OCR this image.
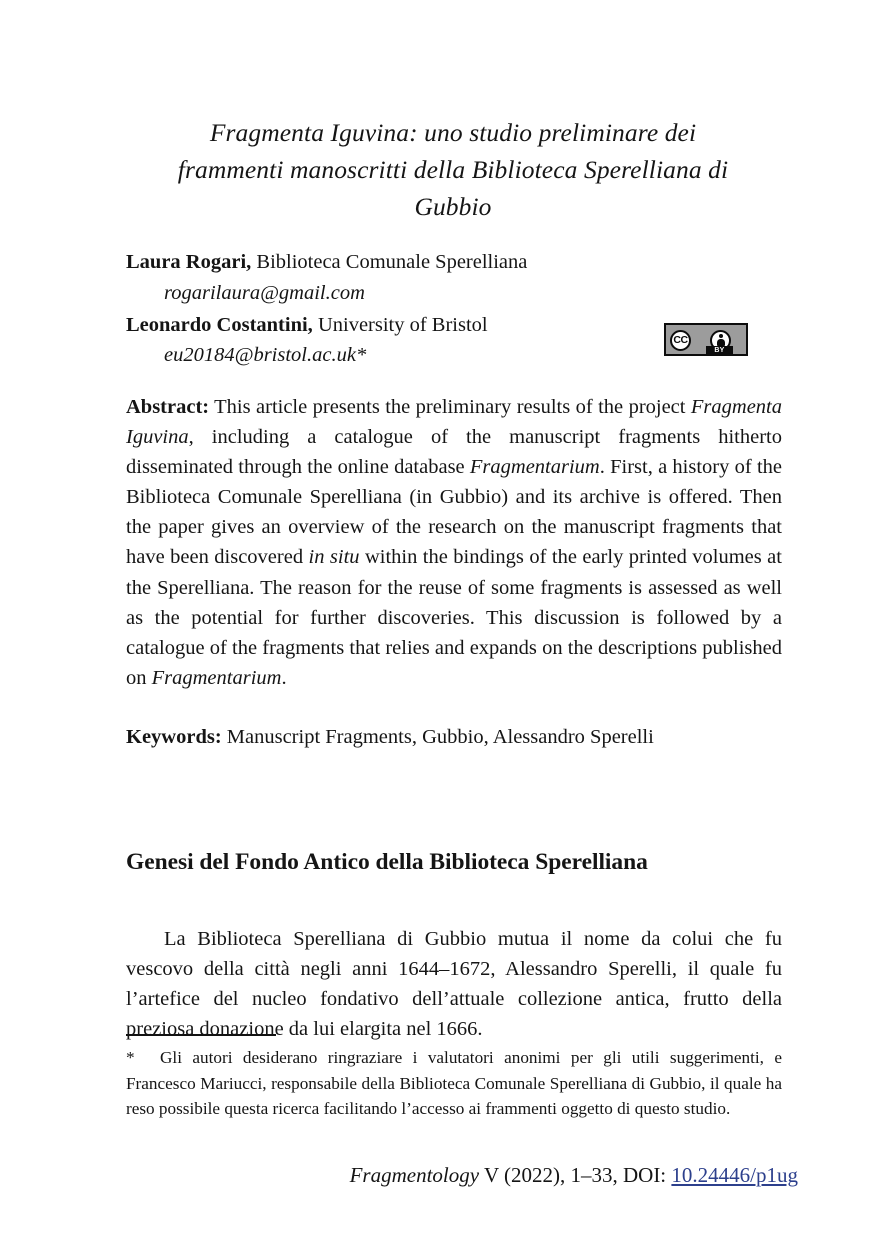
Fragmenta Iguvina: uno studio preliminare dei
frammenti manoscritti della Biblioteca Sperelliana di
Gubbio
Laura Rogari, Biblioteca Comunale Sperelliana
rogarilaura@gmail.com
Leonardo Costantini, University of Bristol
eu20184@bristol.ac.uk*
CC
BY
Abstract: This article presents the preliminary results of the project Fragmenta Iguvina, including a catalogue of the manuscript fragments hitherto disseminated through the online database Fragmentarium. First, a history of the Biblioteca Comunale Sperelliana (in Gubbio) and its archive is offered. Then the paper gives an overview of the research on the manuscript fragments that have been discovered in situ within the bindings of the early printed volumes at the Sperelliana. The reason for the reuse of some fragments is assessed as well as the potential for further discoveries. This discussion is followed by a catalogue of the fragments that relies and expands on the descriptions published on Fragmentarium.
Keywords: Manuscript Fragments, Gubbio, Alessandro Sperelli
Genesi del Fondo Antico della Biblioteca Sperelliana

La Biblioteca Sperelliana di Gubbio mutua il nome da colui che fu vescovo della città negli anni 1644–1672, Alessandro Sperelli, il quale fu l’artefice del nucleo fondativo dell’attuale collezione antica, frutto della preziosa donazione da lui elargita nel 1666.

* Gli autori desiderano ringraziare i valutatori anonimi per gli utili suggerimenti, e Francesco Mariucci, responsabile della Biblioteca Comunale Sperelliana di Gubbio, il quale ha reso possibile questa ricerca facilitando l’accesso ai frammenti oggetto di questo studio.
Fragmentology V (2022), 1–33, DOI: 10.24446/p1ug
